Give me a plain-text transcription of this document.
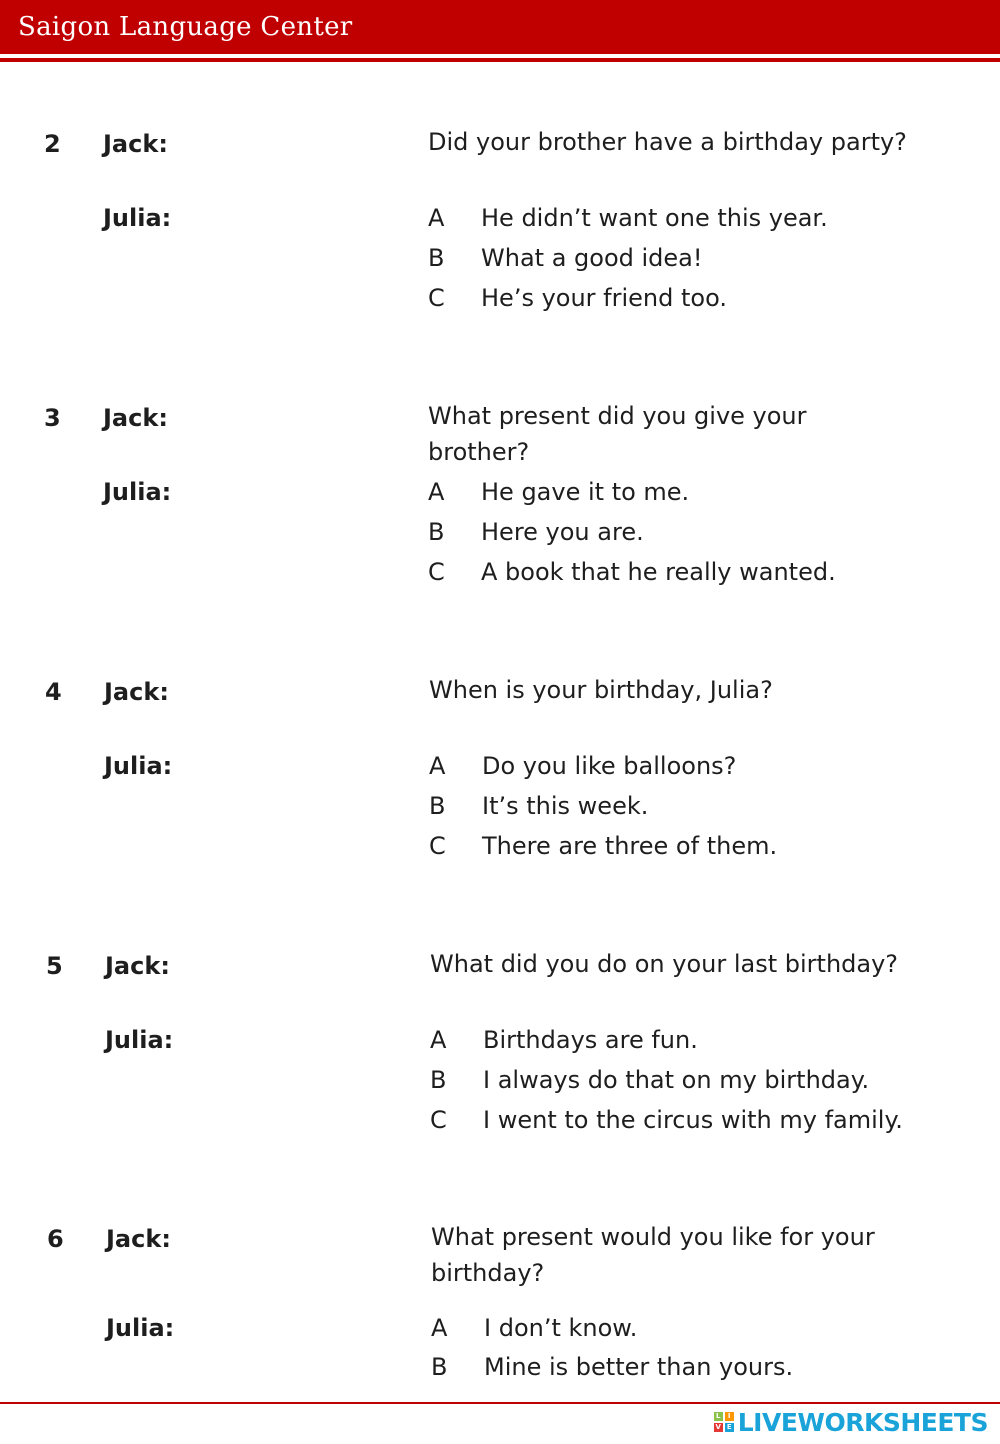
Saigon Language Center
2 Jack:	Did your brother have a birthday party?
Julia:	A He didn’t want one this year.
B What a good idea!
C He’s your friend too.
3 Jack:	What present did you give your brother?
Julia:	A He gave it to me.
B Here you are.
C A book that he really wanted.
4 Jack:	When is your birthday, Julia?
Julia:	A Do you like balloons?
B It’s this week.
C There are three of them.
5 Jack:	What did you do on your last birthday?
Julia:	A Birthdays are fun.
B I always do that on my birthday.
C I went to the circus with my family.
6 Jack:	What present would you like for your birthday?
Julia:	A I don’t know.
B Mine is better than yours.
L	I
V E LIVEWORKSHEETS
